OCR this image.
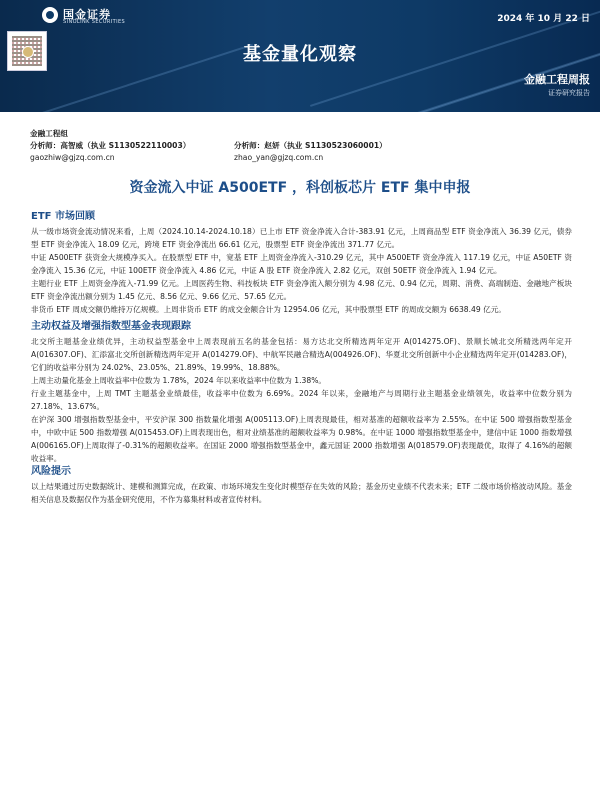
国金证券
SINOLINK SECURITIES	2024 年 10 月 22 日
基金量化观察
金融工程周报
证券研究报告
金融工程组
分析师：高智威（执业 S1130522110003）	分析师：赵妍（执业 S1130523060001）
gaozhiw@gjzq.com.cn	zhao_yan@gjzq.com.cn
资金流入中证 A500ETF ，科创板芯片 ETF 集中申报
ETF 市场回顾

从一级市场资金流动情况来看，上周（2024.10.14-2024.10.18）已上市 ETF 资金净流入合计-383.91 亿元，上周商品型 ETF 资金净流入 36.39 亿元，债券型 ETF 资金净流入 18.09 亿元，跨境 ETF 资金净流出 66.61 亿元，股票型 ETF 资金净流出 371.77 亿元。

中证 A500ETF 获资金大规模净买入。在股票型 ETF 中，宽基 ETF 上周资金净流入-310.29 亿元，其中 A500ETF 资金净流入 117.19 亿元，中证 A50ETF 资金净流入 15.36 亿元，中证 100ETF 资金净流入 4.86 亿元，中证 A 股 ETF 资金净流入 2.82 亿元，双创 50ETF 资金净流入 1.94 亿元。

主题行业 ETF 上周资金净流入-71.99 亿元。上周医药生物、科技板块 ETF 资金净流入额分别为 4.98 亿元、0.94 亿元，周期、消费、高端制造、金融地产板块 ETF 资金净流出额分别为 1.45 亿元、8.56 亿元、9.66 亿元、57.65 亿元。

非货币 ETF 周成交额仍维持万亿规模。上周非货币 ETF 的成交金额合计为 12954.06 亿元，其中股票型 ETF 的周成交额为 6638.49 亿元。

主动权益及增强指数型基金表现跟踪

北交所主题基金业绩优异，主动权益型基金中上周表现前五名的基金包括：易方达北交所精选两年定开 A(014275.OF)、景顺长城北交所精选两年定开 A(016307.OF)、汇添富北交所创新精选两年定开 A(014279.OF)、中航军民融合精选A(004926.OF)、华夏北交所创新中小企业精选两年定开(014283.OF)，它们的收益率分别为 24.02%、23.05%、21.89%、19.99%、18.88%。

上周主动量化基金上周收益率中位数为 1.78%，2024 年以来收益率中位数为 1.38%。

行业主题基金中，上周 TMT 主题基金业绩最佳，收益率中位数为 6.69%。2024 年以来，金融地产与周期行业主题基金业绩领先，收益率中位数分别为 27.18%、13.67%。

在沪深 300 增强指数型基金中，平安沪深 300 指数量化增强 A(005113.OF)上周表现最佳，相对基准的超额收益率为 2.55%。在中证 500 增强指数型基金中，中欧中证 500 指数增强 A(015453.OF)上周表现出色，相对业绩基准的超额收益率为 0.98%。在中证 1000 增强指数型基金中，建信中证 1000 指数增强 A(006165.OF)上周取得了-0.31%的超额收益率。在国证 2000 增强指数型基金中，鑫元国证 2000 指数增强 A(018579.OF)表现最优，取得了 4.16%的超额收益率。

风险提示

以上结果通过历史数据统计、建模和测算完成，在政策、市场环境发生变化时模型存在失效的风险；基金历史业绩不代表未来；ETF 二级市场价格波动风险。基金相关信息及数据仅作为基金研究使用，不作为募集材料或者宣传材料。
